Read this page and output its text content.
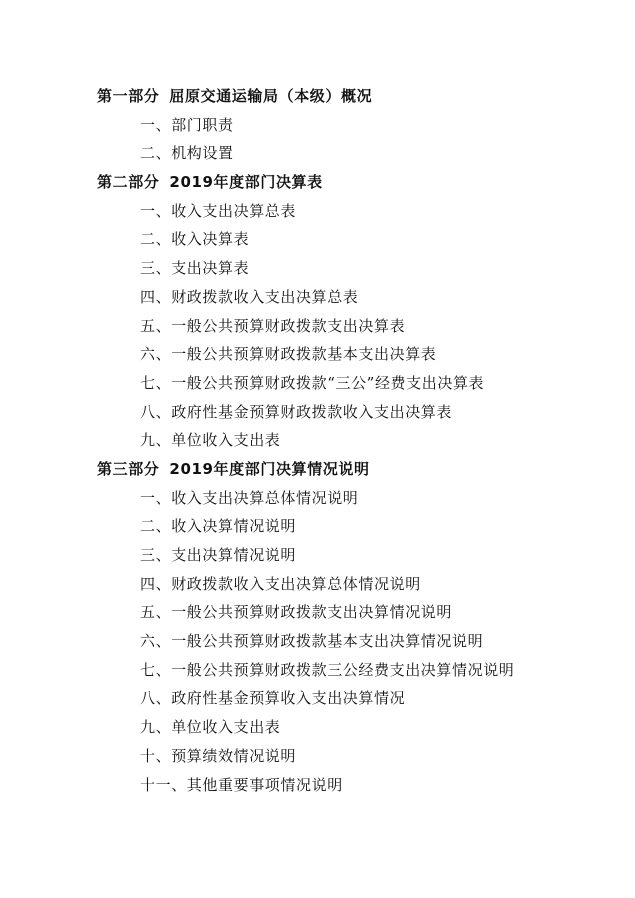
第一部分 屈原交通运输局（本级）概况
一、部门职责
二、机构设置
第二部分 2019年度部门决算表
一、收入支出决算总表
二、收入决算表
三、支出决算表
四、财政拨款收入支出决算总表
五、一般公共预算财政拨款支出决算表
六、一般公共预算财政拨款基本支出决算表
七、一般公共预算财政拨款“三公”经费支出决算表
八、政府性基金预算财政拨款收入支出决算表
九、单位收入支出表
第三部分 2019年度部门决算情况说明
一、收入支出决算总体情况说明
二、收入决算情况说明
三、支出决算情况说明
四、财政拨款收入支出决算总体情况说明
五、一般公共预算财政拨款支出决算情况说明
六、一般公共预算财政拨款基本支出决算情况说明
七、一般公共预算财政拨款三公经费支出决算情况说明
八、政府性基金预算收入支出决算情况
九、单位收入支出表
十、预算绩效情况说明
十一、其他重要事项情况说明
